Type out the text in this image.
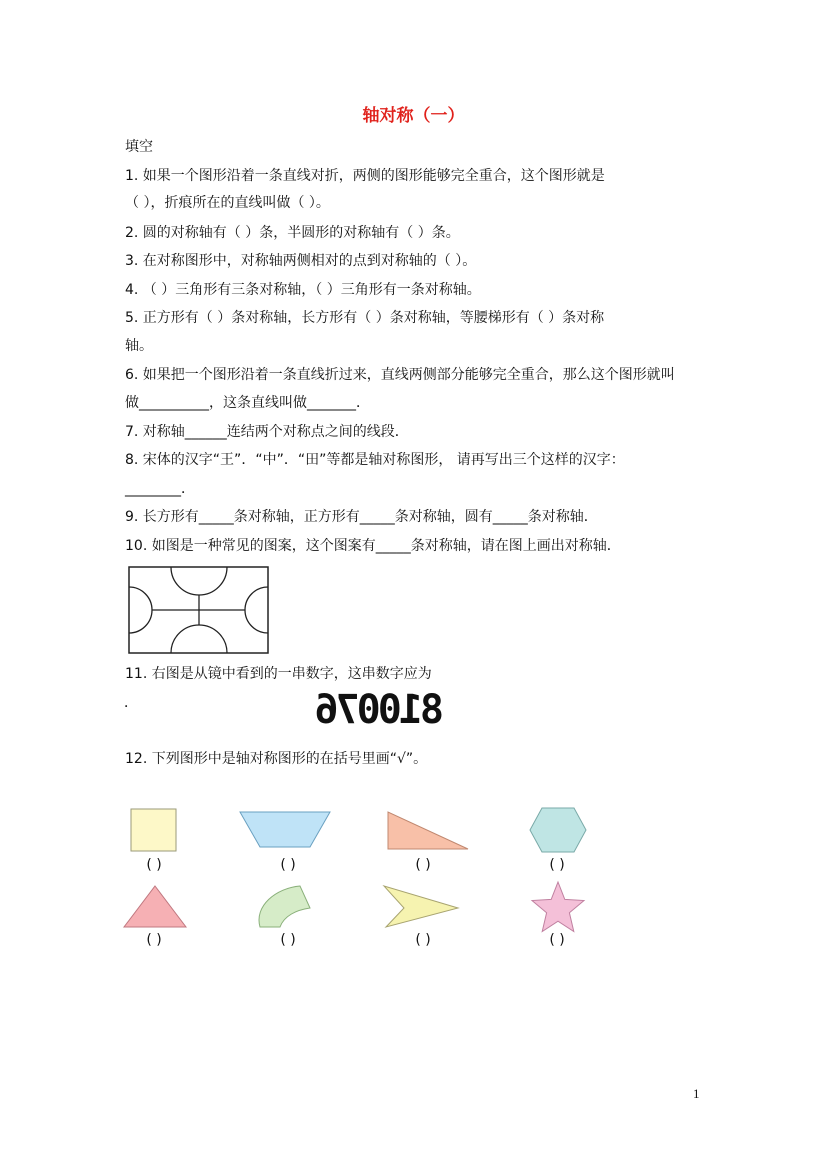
轴对称（一）
填空
1. 如果一个图形沿着一条直线对折，两侧的图形能够完全重合，这个图形就是
（ ），折痕所在的直线叫做（ ）。
2. 圆的对称轴有（ ）条，半圆形的对称轴有（ ）条。
3. 在对称图形中，对称轴两侧相对的点到对称轴的（ ）。
4. （ ）三角形有三条对称轴，（ ）三角形有一条对称轴。
5. 正方形有（ ）条对称轴，长方形有（ ）条对称轴，等腰梯形有（ ）条对称
轴。
6. 如果把一个图形沿着一条直线折过来，直线两侧部分能够完全重合，那么这个图形就叫
做__________，这条直线叫做_______．
7. 对称轴______连结两个对称点之间的线段．
8. 宋体的汉字“王”．“中”．“田”等都是轴对称图形， 请再写出三个这样的汉字：
________．
9. 长方形有_____条对称轴，正方形有_____条对称轴，圆有_____条对称轴．
10. 如图是一种常见的图案，这个图案有_____条对称轴，请在图上画出对称轴．
11. 右图是从镜中看到的一串数字，这串数字应为
．	810076
12. 下列图形中是轴对称图形的在括号里画“√”。
( )	( )	( )	( )
( )	( )	( )	( )
1
